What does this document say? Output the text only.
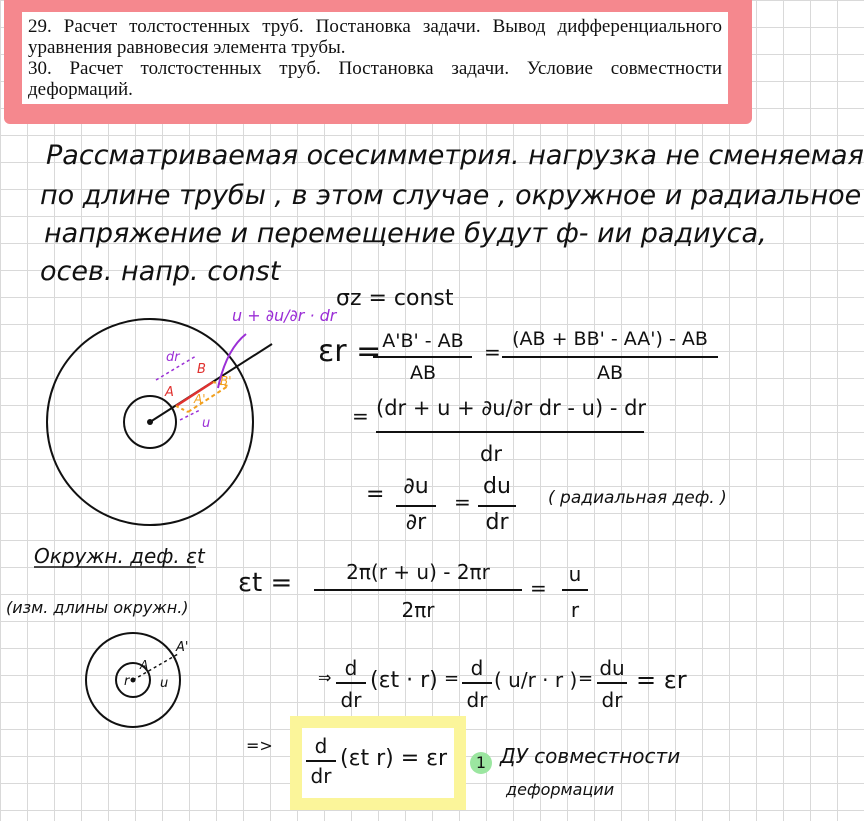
29. Расчет толстостенных труб. Постановка задачи. Вывод дифференциального уравнения равновесия элемента трубы.

30. Расчет толстостенных труб. Постановка задачи. Условие совместности деформаций.

Рассматриваемая осесимметрия. нагрузка не сменяемая

по длине трубы , в этом случае , окружное и радиальное

напряжение и перемещение будут ф- ии радиуса,

осев. напр. const

u + ∂u/∂r · dr

dr

A

B

A'

B'

u

σz = const

εr = A'B' - AB
AB

=

(AB + BB' - AA') - AB
AB

= (dr + u + ∂u/∂r dr - u) - dr
dr

= ∂u
∂r

=

du
dr

( радиальная деф. )

Окружн. деф. εt

(изм. длины окружн.)

εt =	2π(r + u) - 2πr
2πr

=

u
r

r

A

A'

u	⇒ d
dr

(εt · r) = d
dr

( u/r · r ) = du
dr

= εr

=>	d
dr

(εt r) = εr	1 ДУ совместности

деформации
